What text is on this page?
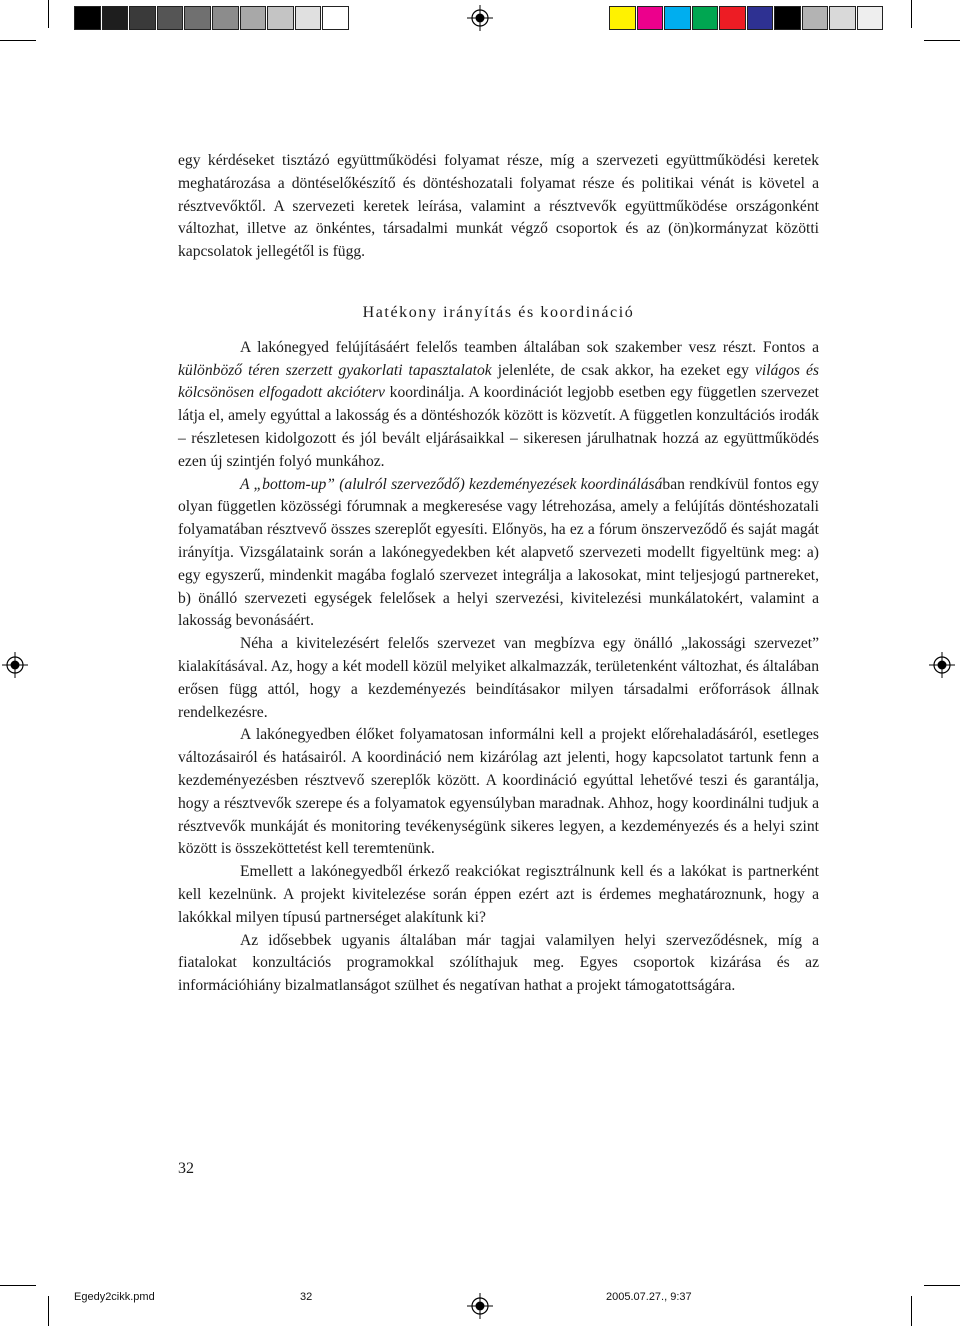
egy kérdéseket tisztázó együttműködési folyamat része, míg a szervezeti együttműködési keretek meghatározása a döntéselőkészítő és döntéshozatali folyamat része és politikai vénát is követel a résztvevőktől. A szervezeti keretek leírása, valamint a résztvevők együttműködése országonként változhat, illetve az önkéntes, társadalmi munkát végző csoportok és az (ön)kormányzat közötti kapcsolatok jellegétől is függ.

Hatékony irányítás és koordináció

A lakónegyed felújításáért felelős teamben általában sok szakember vesz részt. Fontos a különböző téren szerzett gyakorlati tapasztalatok jelenléte, de csak akkor, ha ezeket egy világos és kölcsönösen elfogadott akcióterv koordinálja. A koordinációt legjobb esetben egy független szervezet látja el, amely egyúttal a lakosság és a döntéshozók között is közvetít. A független konzultációs irodák – részletesen kidolgozott és jól bevált eljárásaikkal – sikeresen járulhatnak hozzá az együttműködés ezen új szintjén folyó munkához.

A „bottom-up” (alulról szerveződő) kezdeményezések koordinálásában rendkívül fontos egy olyan független közösségi fórumnak a megkeresése vagy létrehozása, amely a felújítás döntéshozatali folyamatában résztvevő összes szereplőt egyesíti. Előnyös, ha ez a fórum önszerveződő és saját magát irányítja. Vizsgálataink során a lakónegyedekben két alapvető szervezeti modellt figyeltünk meg: a) egy egyszerű, mindenkit magába foglaló szervezet integrálja a lakosokat, mint teljesjogú partnereket, b) önálló szervezeti egységek felelősek a helyi szervezési, kivitelezési munkálatokért, valamint a lakosság bevonásáért.

Néha a kivitelezésért felelős szervezet van megbízva egy önálló „lakossági szervezet” kialakításával. Az, hogy a két modell közül melyiket alkalmazzák, területenként változhat, és általában erősen függ attól, hogy a kezdeményezés beindításakor milyen társadalmi erőforrások állnak rendelkezésre.

A lakónegyedben élőket folyamatosan informálni kell a projekt előrehaladásáról, esetleges változásairól és hatásairól. A koordináció nem kizárólag azt jelenti, hogy kapcsolatot tartunk fenn a kezdeményezésben résztvevő szereplők között. A koordináció egyúttal lehetővé teszi és garantálja, hogy a résztvevők szerepe és a folyamatok egyensúlyban maradnak. Ahhoz, hogy koordinálni tudjuk a résztvevők munkáját és monitoring tevékenységünk sikeres legyen, a kezdeményezés és a helyi szint között is összeköttetést kell teremtenünk.

Emellett a lakónegyedből érkező reakciókat regisztrálnunk kell és a lakókat is partnerként kell kezelnünk. A projekt kivitelezése során éppen ezért azt is érdemes meghatároznunk, hogy a lakókkal milyen típusú partnerséget alakítunk ki?

Az idősebbek ugyanis általában már tagjai valamilyen helyi szerveződésnek, míg a fiatalokat konzultációs programokkal szólíthajuk meg. Egyes csoportok kizárása és az információhiány bizalmatlanságot szülhet és negatívan hathat a projekt támogatottságára.

32
Egedy2cikk.pmd	32	2005.07.27., 9:37
